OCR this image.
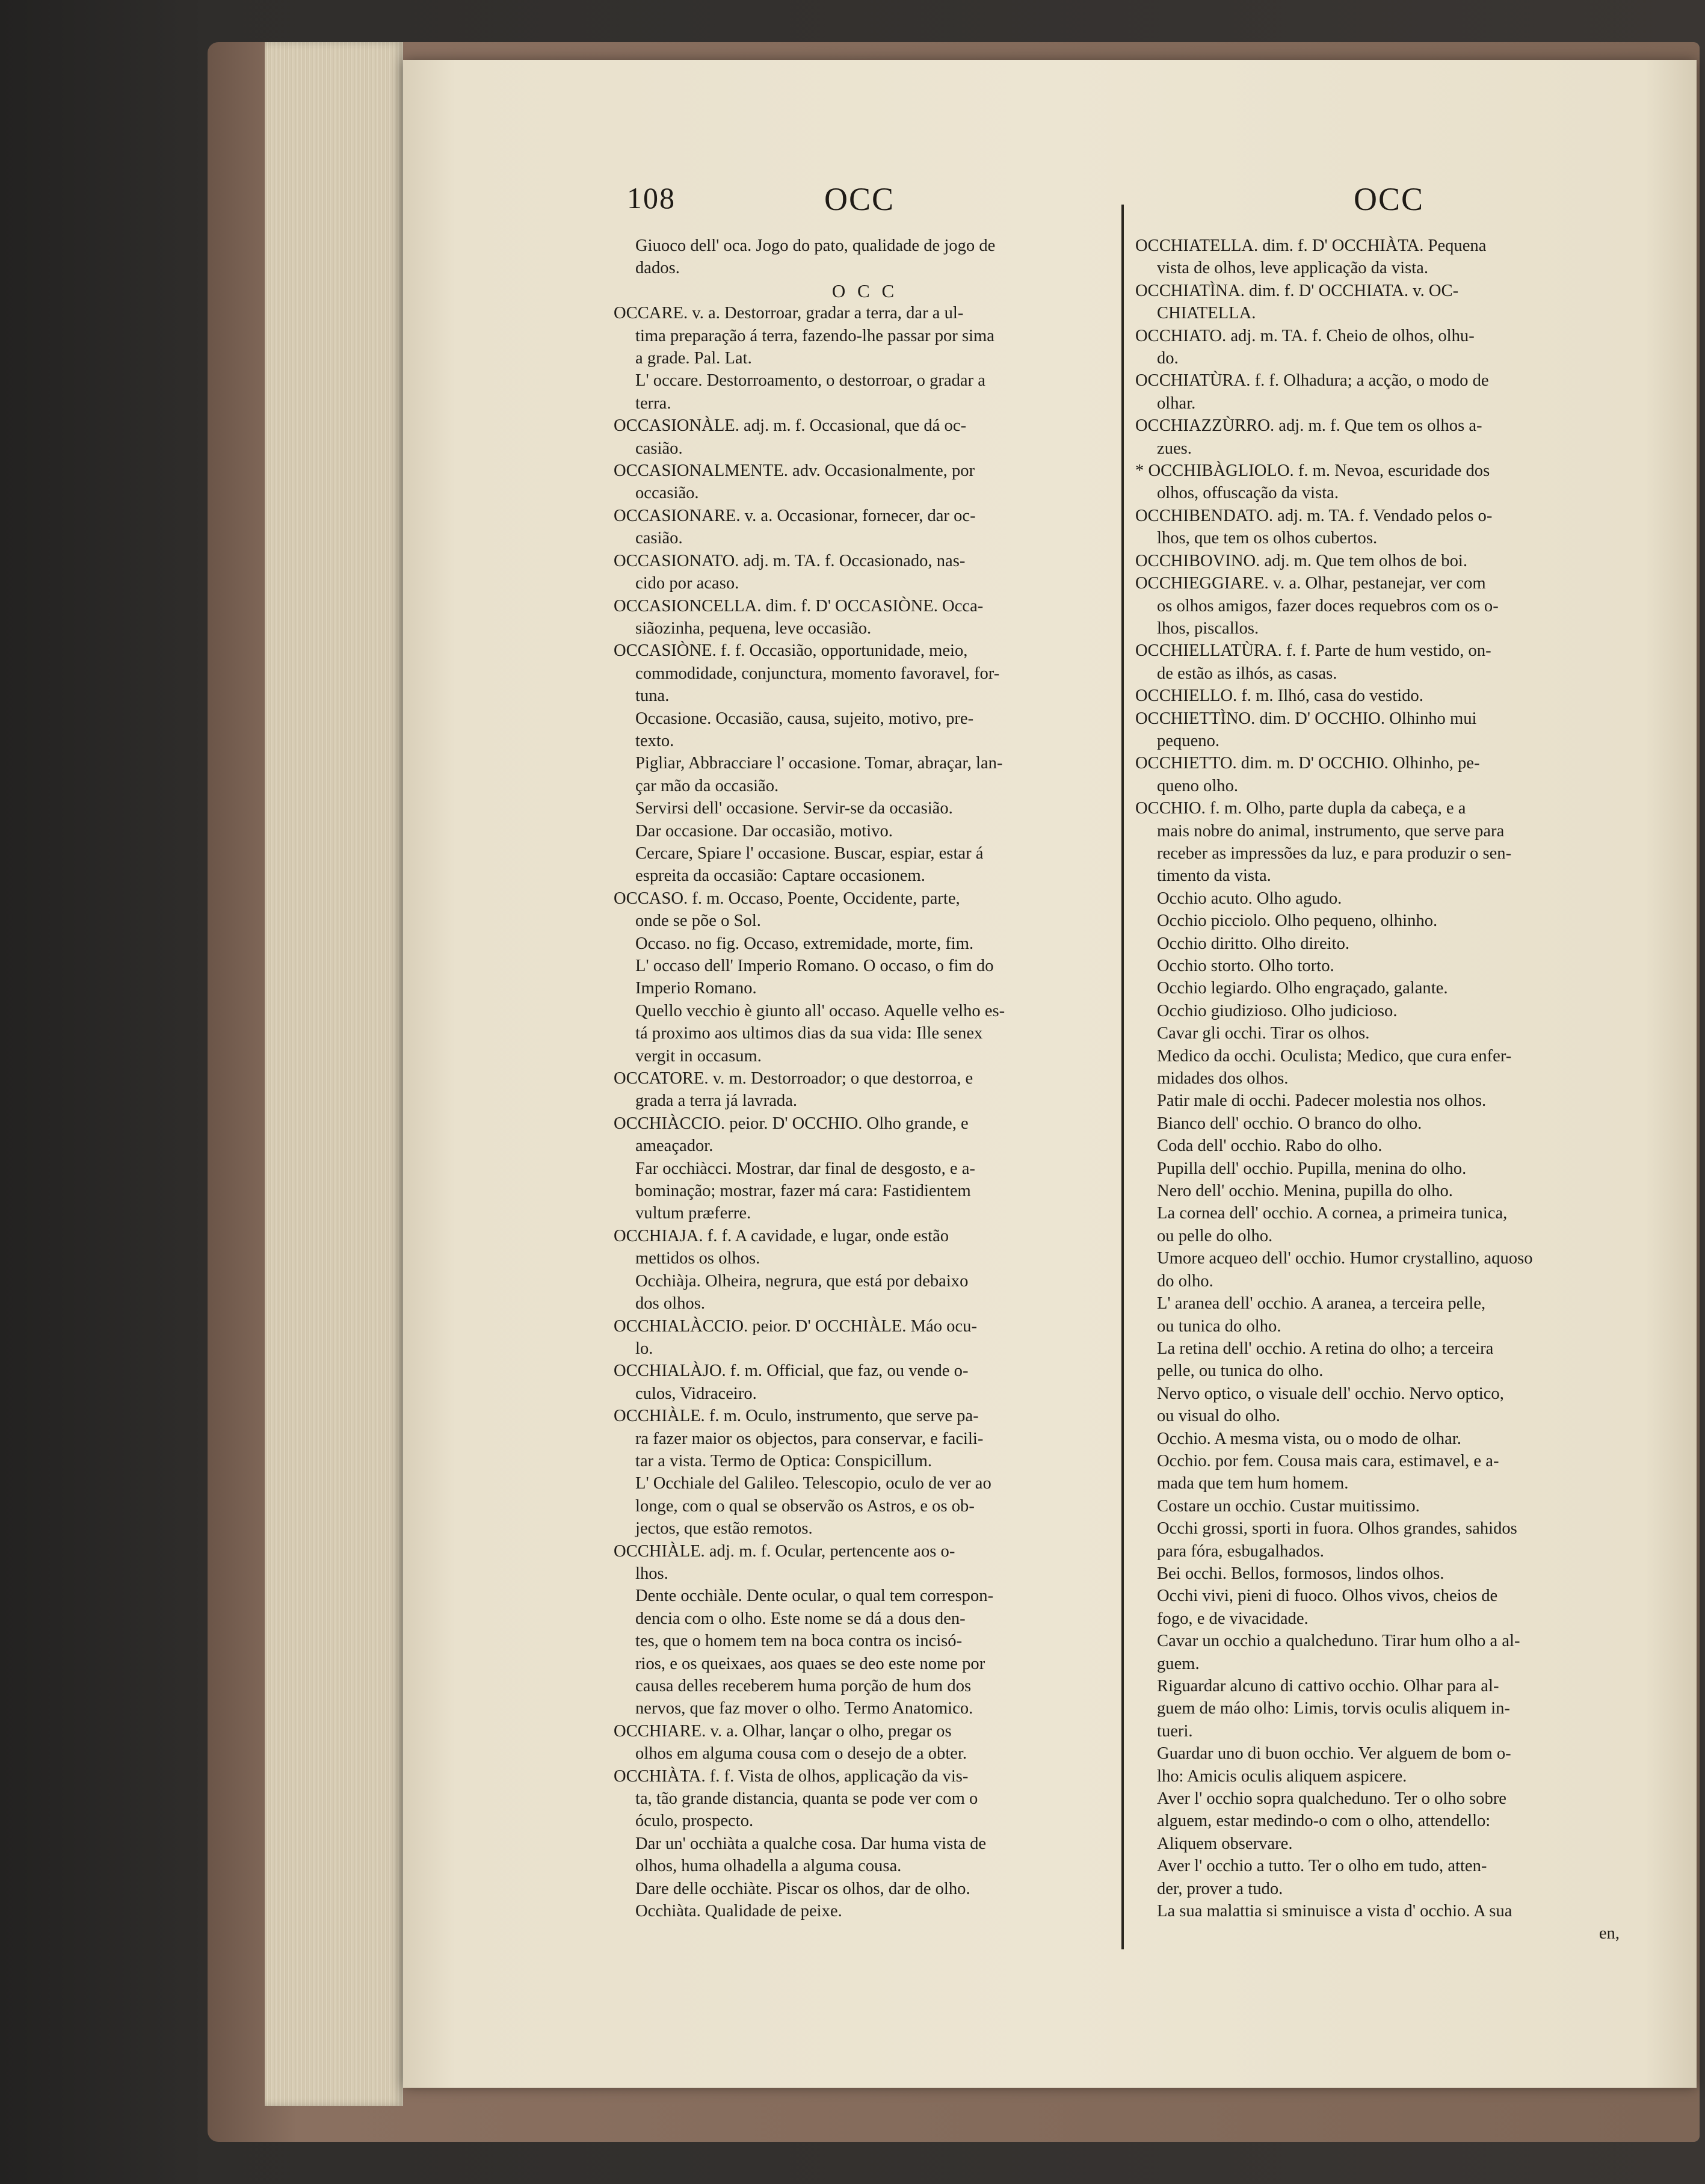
108	OCC	OCC
Giuoco dell' oca. Jogo do pato, qualidade de jogo de
dados.
O C C
OCCARE. v. a. Destorroar, gradar a terra, dar a ul-
tima preparação á terra, fazendo-lhe passar por sima
a grade. Pal. Lat.
L' occare. Destorroamento, o destorroar, o gradar a
terra.
OCCASIONÀLE. adj. m. f. Occasional, que dá oc-
casião.
OCCASIONALMENTE. adv. Occasionalmente, por
occasião.
OCCASIONARE. v. a. Occasionar, fornecer, dar oc-
casião.
OCCASIONATO. adj. m. TA. f. Occasionado, nas-
cido por acaso.
OCCASIONCELLA. dim. f. D' OCCASIÒNE. Occa-
siãozinha, pequena, leve occasião.
OCCASIÒNE. f. f. Occasião, opportunidade, meio,
commodidade, conjunctura, momento favoravel, for-
tuna.
Occasione. Occasião, causa, sujeito, motivo, pre-
texto.
Pigliar, Abbracciare l' occasione. Tomar, abraçar, lan-
çar mão da occasião.
Servirsi dell' occasione. Servir-se da occasião.
Dar occasione. Dar occasião, motivo.
Cercare, Spiare l' occasione. Buscar, espiar, estar á
espreita da occasião: Captare occasionem.
OCCASO. f. m. Occaso, Poente, Occidente, parte,
onde se põe o Sol.
Occaso. no fig. Occaso, extremidade, morte, fim.
L' occaso dell' Imperio Romano. O occaso, o fim do
Imperio Romano.
Quello vecchio è giunto all' occaso. Aquelle velho es-
tá proximo aos ultimos dias da sua vida: Ille senex
vergit in occasum.
OCCATORE. v. m. Destorroador; o que destorroa, e
grada a terra já lavrada.
OCCHIÀCCIO. peior. D' OCCHIO. Olho grande, e
ameaçador.
Far occhiàcci. Mostrar, dar final de desgosto, e a-
bominação; mostrar, fazer má cara: Fastidientem
vultum præferre.
OCCHIAJA. f. f. A cavidade, e lugar, onde estão
mettidos os olhos.
Occhiàja. Olheira, negrura, que está por debaixo
dos olhos.
OCCHIALÀCCIO. peior. D' OCCHIÀLE. Máo ocu-
lo.
OCCHIALÀJO. f. m. Official, que faz, ou vende o-
culos, Vidraceiro.
OCCHIÀLE. f. m. Oculo, instrumento, que serve pa-
ra fazer maior os objectos, para conservar, e facili-
tar a vista. Termo de Optica: Conspicillum.
L' Occhiale del Galileo. Telescopio, oculo de ver ao
longe, com o qual se observão os Astros, e os ob-
jectos, que estão remotos.
OCCHIÀLE. adj. m. f. Ocular, pertencente aos o-
lhos.
Dente occhiàle. Dente ocular, o qual tem correspon-
dencia com o olho. Este nome se dá a dous den-
tes, que o homem tem na boca contra os incisó-
rios, e os queixaes, aos quaes se deo este nome por
causa delles receberem huma porção de hum dos
nervos, que faz mover o olho. Termo Anatomico.
OCCHIARE. v. a. Olhar, lançar o olho, pregar os
olhos em alguma cousa com o desejo de a obter.
OCCHIÀTA. f. f. Vista de olhos, applicação da vis-
ta, tão grande distancia, quanta se pode ver com o
óculo, prospecto.
Dar un' occhiàta a qualche cosa. Dar huma vista de
olhos, huma olhadella a alguma cousa.
Dare delle occhiàte. Piscar os olhos, dar de olho.
Occhiàta. Qualidade de peixe.
OCCHIATELLA. dim. f. D' OCCHIÀTA. Pequena
vista de olhos, leve applicação da vista.
OCCHIATÌNA. dim. f. D' OCCHIATA. v. OC-
CHIATELLA.
OCCHIATO. adj. m. TA. f. Cheio de olhos, olhu-
do.
OCCHIATÙRA. f. f. Olhadura; a acção, o modo de
olhar.
OCCHIAZZÙRRO. adj. m. f. Que tem os olhos a-
zues.
* OCCHIBÀGLIOLO. f. m. Nevoa, escuridade dos
olhos, offuscação da vista.
OCCHIBENDATO. adj. m. TA. f. Vendado pelos o-
lhos, que tem os olhos cubertos.
OCCHIBOVINO. adj. m. Que tem olhos de boi.
OCCHIEGGIARE. v. a. Olhar, pestanejar, ver com
os olhos amigos, fazer doces requebros com os o-
lhos, piscallos.
OCCHIELLATÙRA. f. f. Parte de hum vestido, on-
de estão as ilhós, as casas.
OCCHIELLO. f. m. Ilhó, casa do vestido.
OCCHIETTÌNO. dim. D' OCCHIO. Olhinho mui
pequeno.
OCCHIETTO. dim. m. D' OCCHIO. Olhinho, pe-
queno olho.
OCCHIO. f. m. Olho, parte dupla da cabeça, e a
mais nobre do animal, instrumento, que serve para
receber as impressões da luz, e para produzir o sen-
timento da vista.
Occhio acuto. Olho agudo.
Occhio picciolo. Olho pequeno, olhinho.
Occhio diritto. Olho direito.
Occhio storto. Olho torto.
Occhio legiardo. Olho engraçado, galante.
Occhio giudizioso. Olho judicioso.
Cavar gli occhi. Tirar os olhos.
Medico da occhi. Oculista; Medico, que cura enfer-
midades dos olhos.
Patir male di occhi. Padecer molestia nos olhos.
Bianco dell' occhio. O branco do olho.
Coda dell' occhio. Rabo do olho.
Pupilla dell' occhio. Pupilla, menina do olho.
Nero dell' occhio. Menina, pupilla do olho.
La cornea dell' occhio. A cornea, a primeira tunica,
ou pelle do olho.
Umore acqueo dell' occhio. Humor crystallino, aquoso
do olho.
L' aranea dell' occhio. A aranea, a terceira pelle,
ou tunica do olho.
La retina dell' occhio. A retina do olho; a terceira
pelle, ou tunica do olho.
Nervo optico, o visuale dell' occhio. Nervo optico,
ou visual do olho.
Occhio. A mesma vista, ou o modo de olhar.
Occhio. por fem. Cousa mais cara, estimavel, e a-
mada que tem hum homem.
Costare un occhio. Custar muitissimo.
Occhi grossi, sporti in fuora. Olhos grandes, sahidos
para fóra, esbugalhados.
Bei occhi. Bellos, formosos, lindos olhos.
Occhi vivi, pieni di fuoco. Olhos vivos, cheios de
fogo, e de vivacidade.
Cavar un occhio a qualcheduno. Tirar hum olho a al-
guem.
Riguardar alcuno di cattivo occhio. Olhar para al-
guem de máo olho: Limis, torvis oculis aliquem in-
tueri.
Guardar uno di buon occhio. Ver alguem de bom o-
lho: Amicis oculis aliquem aspicere.
Aver l' occhio sopra qualcheduno. Ter o olho sobre
alguem, estar medindo-o com o olho, attendello:
Aliquem observare.
Aver l' occhio a tutto. Ter o olho em tudo, atten-
der, prover a tudo.
La sua malattia si sminuisce a vista d' occhio. A sua
en,
